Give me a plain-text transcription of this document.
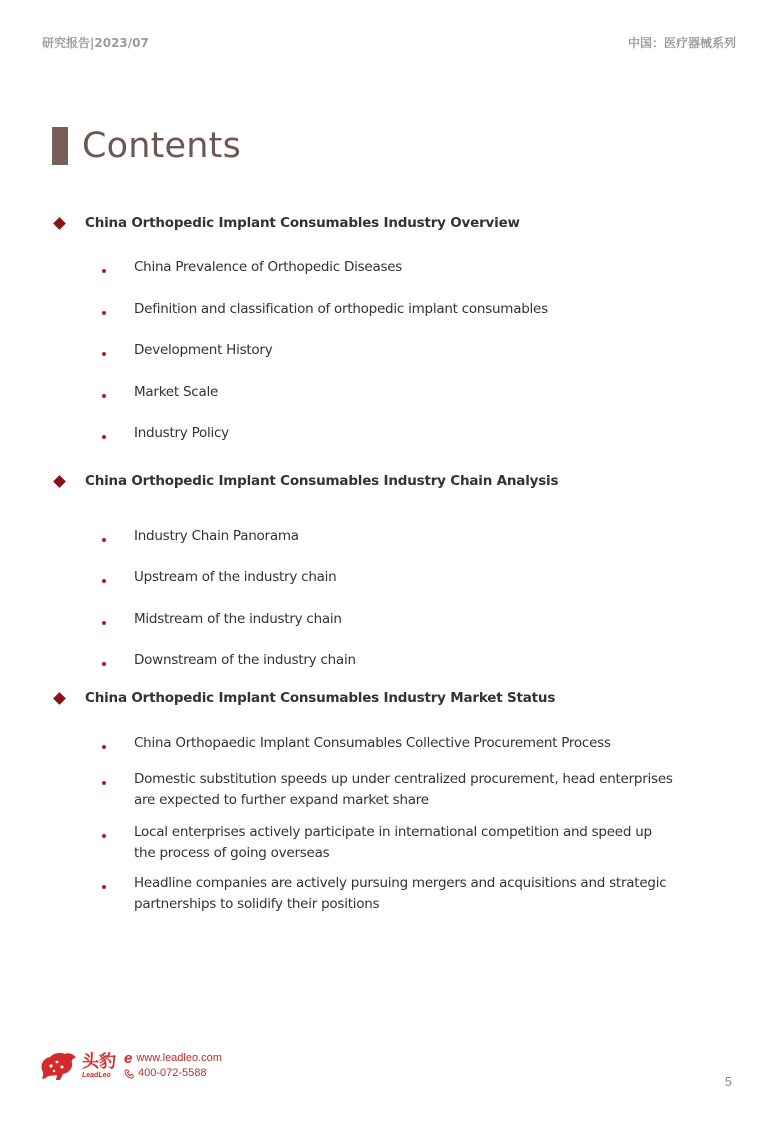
研究报告|2023/07	中国：医疗器械系列
Contents
China Orthopedic Implant Consumables Industry Overview
China Prevalence of Orthopedic Diseases
Definition and classification of orthopedic implant consumables
Development History
Market Scale
Industry Policy
China Orthopedic Implant Consumables Industry Chain Analysis
Industry Chain Panorama
Upstream of the industry chain
Midstream of the industry chain
Downstream of the industry chain
China Orthopedic Implant Consumables Industry Market Status
China Orthopaedic Implant Consumables Collective Procurement Process
Domestic substitution speeds up under centralized procurement, head enterprises are expected to further expand market share
Local enterprises actively participate in international competition and speed up the process of going overseas
Headline companies are actively pursuing mergers and acquisitions and strategic partnerships to solidify their positions
头豹
LeadLeo
e www.leadleo.com
400-072-5588
5
